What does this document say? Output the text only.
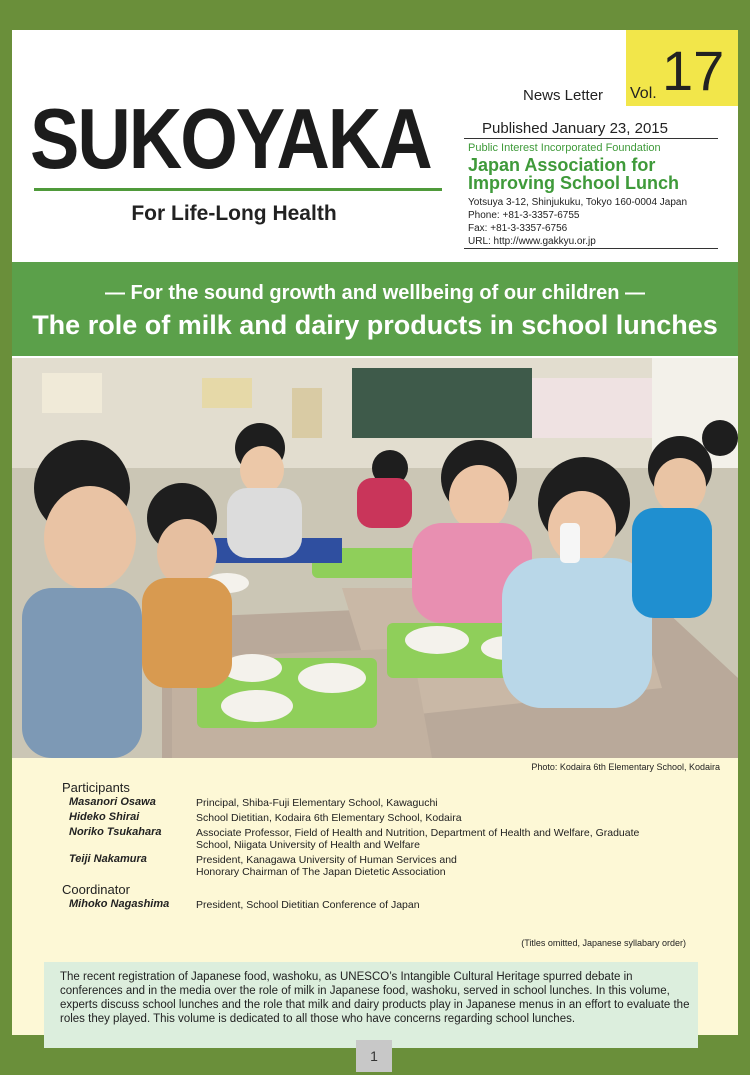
SUKOYAKA
For Life-Long Health
News Letter Vol. 17
Published January 23, 2015
Public Interest Incorporated Foundation
Japan Association for Improving School Lunch
Yotsuya 3-12, Shinjukuku, Tokyo 160-0004 Japan
Phone: +81-3-3357-6755
Fax: +81-3-3357-6756
URL: http://www.gakkyu.or.jp
— For the sound growth and wellbeing of our children —
The role of milk and dairy products in school lunches
Photo: Kodaira 6th Elementary School, Kodaira
Participants
Masanori Osawa	Principal, Shiba-Fuji Elementary School, Kawaguchi
Hideko Shirai	School Dietitian, Kodaira 6th Elementary School, Kodaira
Noriko Tsukahara	Associate Professor, Field of Health and Nutrition, Department of Health and Welfare, Graduate School, Niigata University of Health and Welfare
Teiji Nakamura	President, Kanagawa University of Human Services and Honorary Chairman of The Japan Dietetic Association
Coordinator
Mihoko Nagashima	President, School Dietitian Conference of Japan
(Titles omitted, Japanese syllabary order)

The recent registration of Japanese food, washoku, as UNESCO’s Intangible Cultural Heritage spurred debate in conferences and in the media over the role of milk in Japanese food, washoku, served in school lunches. In this volume, experts discuss school lunches and the role that milk and dairy products play in Japanese menus in an effort to evaluate the roles they played. This volume is dedicated to all those who have concerns regarding school lunches.

1
